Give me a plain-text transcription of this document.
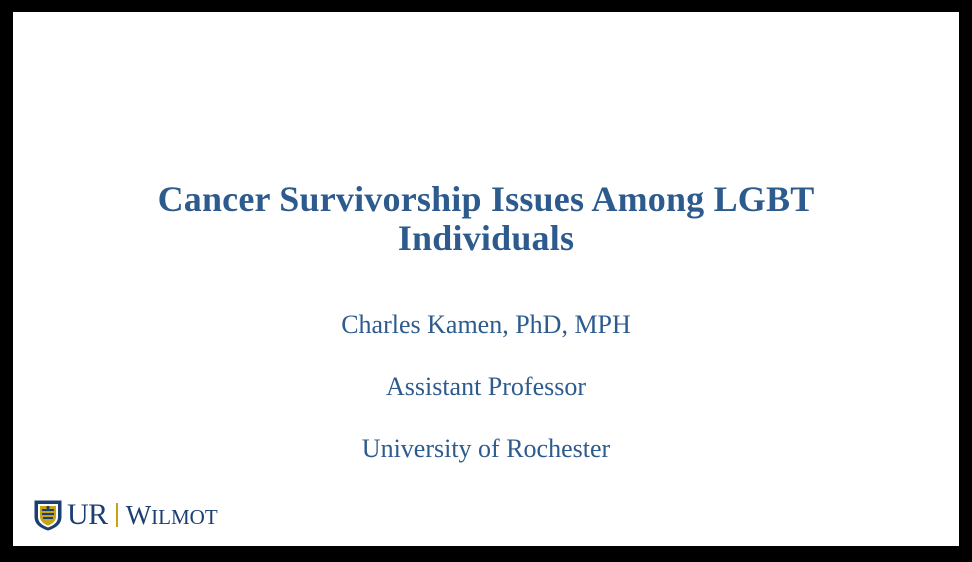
Cancer Survivorship Issues Among LGBT Individuals

Charles Kamen, PhD, MPH

Assistant Professor

University of Rochester

UR WILMOT
